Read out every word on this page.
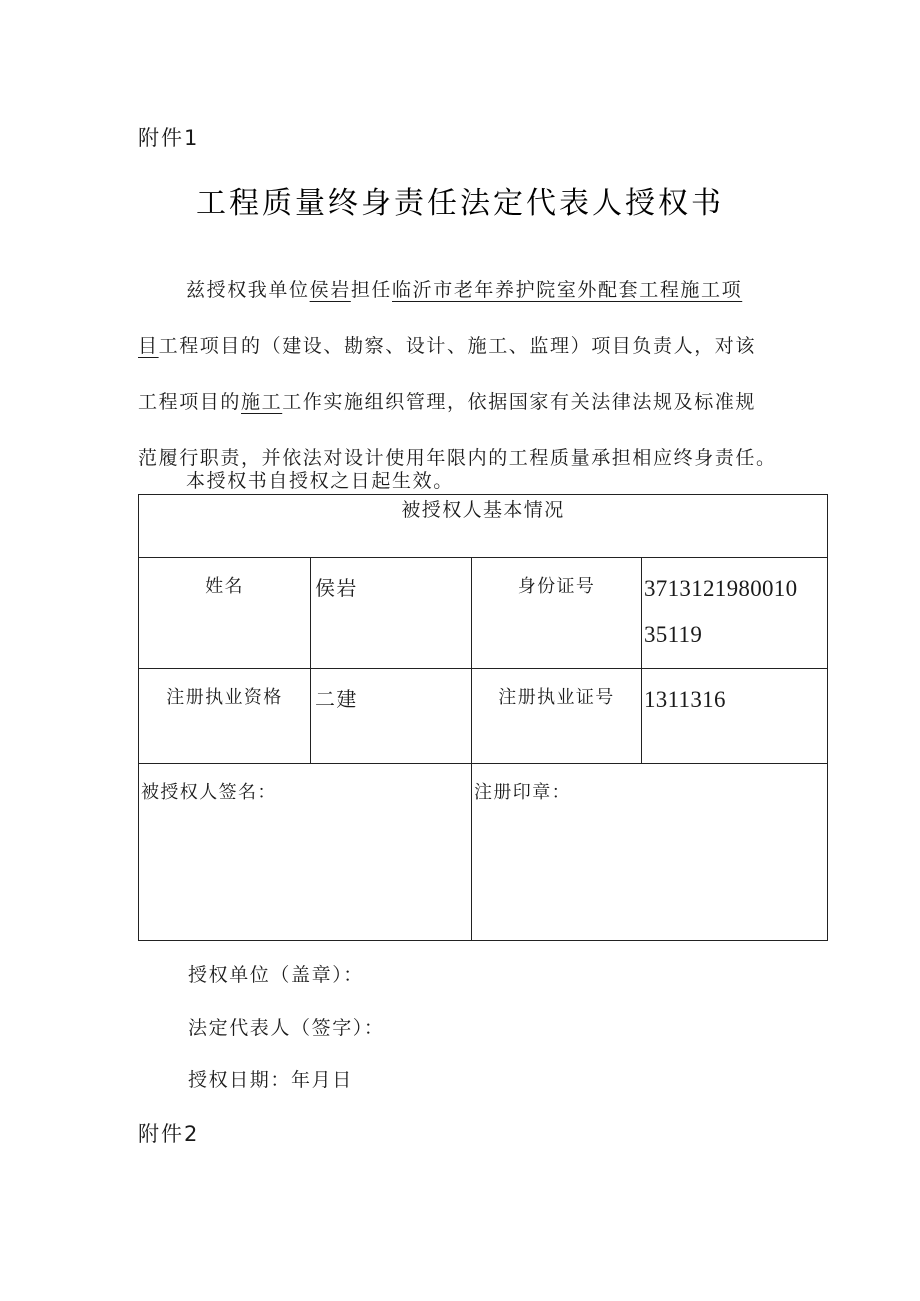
附件1
工程质量终身责任法定代表人授权书
兹授权我单位侯岩担任临沂市老年养护院室外配套工程施工项
目工程项目的（建设、勘察、设计、施工、监理）项目负责人，对该
工程项目的施工工作实施组织管理，依据国家有关法律法规及标准规
范履行职责，并依法对设计使用年限内的工程质量承担相应终身责任。
本授权书自授权之日起生效。
被授权人基本情况			
姓名	侯岩	身份证号	3713121980010
35119

注册执业资格	二建	注册执业证号	1311316
被授权人签名：		注册印章：	
授权单位（盖章）：
法定代表人（签字）：
授权日期：年月日
附件2
